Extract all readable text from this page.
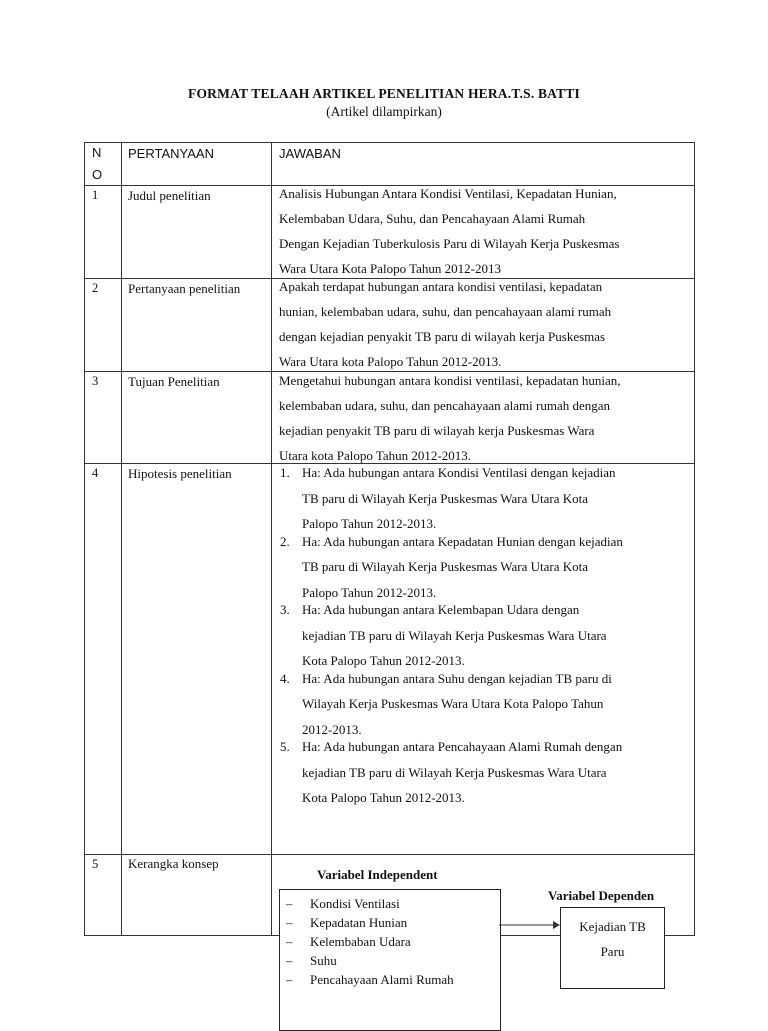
FORMAT TELAAH ARTIKEL PENELITIAN HERA.T.S. BATTI
(Artikel dilampirkan)
N
O
PERTANYAAN	JAWABAN
1 Judul penelitian	Analisis Hubungan Antara Kondisi Ventilasi, Kepadatan Hunian,
Kelembaban Udara, Suhu, dan Pencahayaan Alami Rumah
Dengan Kejadian Tuberkulosis Paru di Wilayah Kerja Puskesmas
Wara Utara Kota Palopo Tahun 2012-2013
2 Pertanyaan penelitian	Apakah terdapat hubungan antara kondisi ventilasi, kepadatan
hunian, kelembaban udara, suhu, dan pencahayaan alami rumah
dengan kejadian penyakit TB paru di wilayah kerja Puskesmas
Wara Utara kota Palopo Tahun 2012-2013.
3 Tujuan Penelitian	Mengetahui hubungan antara kondisi ventilasi, kepadatan hunian,
kelembaban udara, suhu, dan pencahayaan alami rumah dengan
kejadian penyakit TB paru di wilayah kerja Puskesmas Wara
Utara kota Palopo Tahun 2012-2013.
4 Hipotesis penelitian	1. Ha: Ada hubungan antara Kondisi Ventilasi dengan kejadian
TB paru di Wilayah Kerja Puskesmas Wara Utara Kota
Palopo Tahun 2012-2013.
2. Ha: Ada hubungan antara Kepadatan Hunian dengan kejadian
TB paru di Wilayah Kerja Puskesmas Wara Utara Kota
Palopo Tahun 2012-2013.
3. Ha: Ada hubungan antara Kelembapan Udara dengan
kejadian TB paru di Wilayah Kerja Puskesmas Wara Utara
Kota Palopo Tahun 2012-2013.
4. Ha: Ada hubungan antara Suhu dengan kejadian TB paru di
Wilayah Kerja Puskesmas Wara Utara Kota Palopo Tahun
2012-2013.
5. Ha: Ada hubungan antara Pencahayaan Alami Rumah dengan
kejadian TB paru di Wilayah Kerja Puskesmas Wara Utara
Kota Palopo Tahun 2012-2013.
5 Kerangka konsep
Variabel Independent
Variabel Dependen
– Kondisi Ventilasi
– Kepadatan Hunian
– Kelembaban Udara
– Suhu
– Pencahayaan Alami Rumah
Kejadian TB
Paru
